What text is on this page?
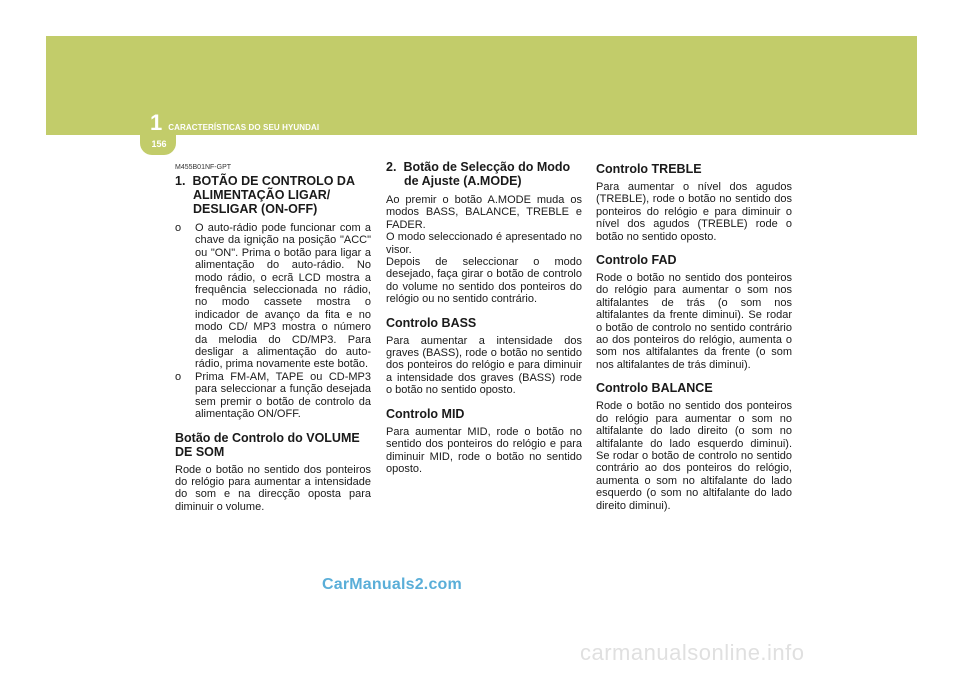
1 CARACTERÍSTICAS DO SEU HYUNDAI
156
M455B01NF-GPT
1. BOTÃO DE CONTROLO DA
ALIMENTAÇÃO LIGAR/
DESLIGAR (ON-OFF)

o O auto-rádio pode funcionar com a chave da ignição na posição "ACC" ou "ON". Prima o botão para ligar a alimentação do auto-rádio. No modo rádio, o ecrã LCD mostra a frequência seleccionada no rádio, no modo cassete mostra o indicador de avanço da fita e no modo CD/ MP3 mostra o número da melodia do CD/MP3. Para desligar a alimentação do auto-rádio, prima novamente este botão.

o Prima FM-AM, TAPE ou CD-MP3 para seleccionar a função desejada sem premir o botão de controlo da alimentação ON/OFF.

Botão de Controlo do VOLUME DE SOM

Rode o botão no sentido dos ponteiros do relógio para aumentar a intensidade do som e na direcção oposta para diminuir o volume.

2. Botão de Selecção do Modo
de Ajuste (A.MODE)

Ao premir o botão A.MODE muda os modos BASS, BALANCE, TREBLE e FADER.

O modo seleccionado é apresentado no visor.

Depois de seleccionar o modo desejado, faça girar o botão de controlo do volume no sentido dos ponteiros do relógio ou no sentido contrário.

Controlo BASS

Para aumentar a intensidade dos graves (BASS), rode o botão no sentido dos ponteiros do relógio e para diminuir a intensidade dos graves (BASS) rode o botão no sentido oposto.

Controlo MID

Para aumentar MID, rode o botão no sentido dos ponteiros do relógio e para diminuir MID, rode o botão no sentido oposto.

Controlo TREBLE

Para aumentar o nível dos agudos (TREBLE), rode o botão no sentido dos ponteiros do relógio e para diminuir o nível dos agudos (TREBLE) rode o botão no sentido oposto.

Controlo FAD

Rode o botão no sentido dos ponteiros do relógio para aumentar o som nos altifalantes de trás (o som nos altifalantes da frente diminui). Se rodar o botão de controlo no sentido contrário ao dos ponteiros do relógio, aumenta o som nos altifalantes da frente (o som nos altifalantes de trás diminui).

Controlo BALANCE

Rode o botão no sentido dos ponteiros do relógio para aumentar o som no altifalante do lado direito (o som no altifalante do lado esquerdo diminui). Se rodar o botão de controlo no sentido contrário ao dos ponteiros do relógio, aumenta o som no altifalante do lado esquerdo (o som no altifalante do lado direito diminui).

CarManuals2.com
carmanualsonline.info
